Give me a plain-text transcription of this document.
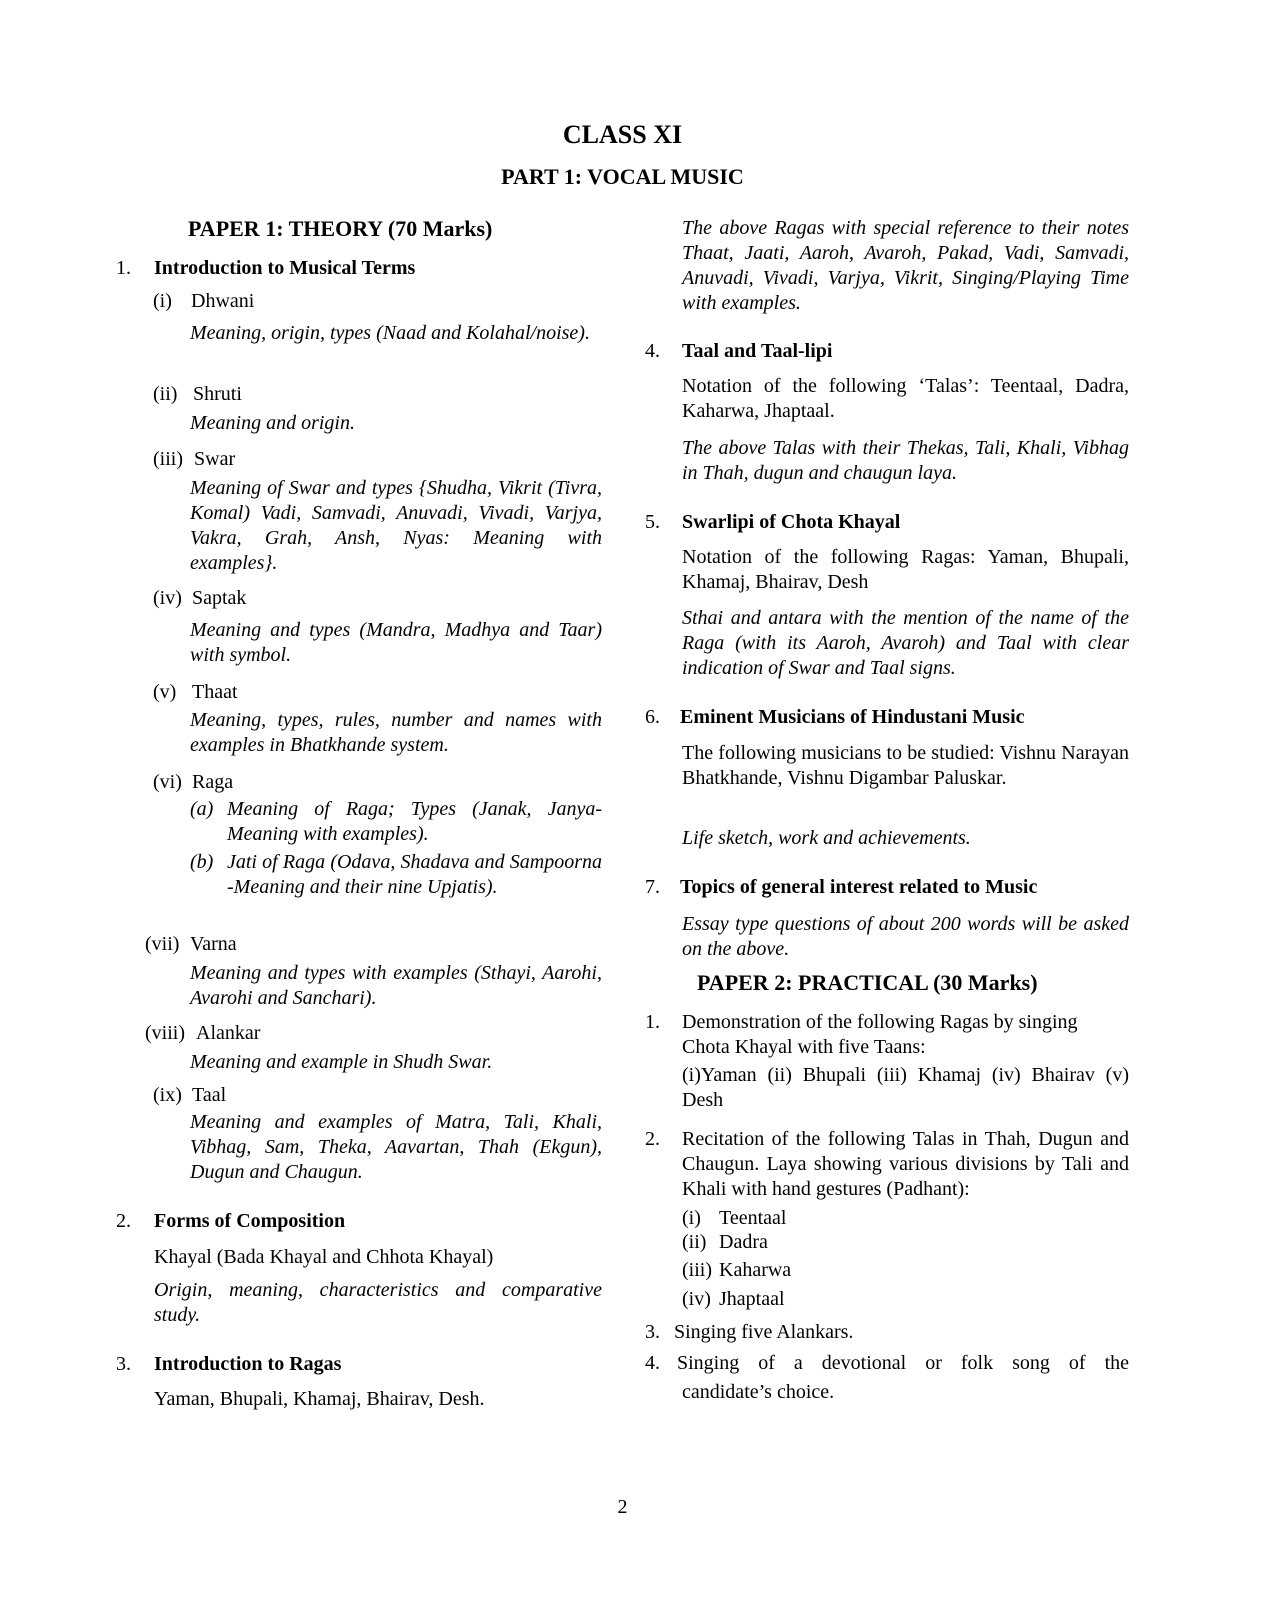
CLASS XI
PART 1: VOCAL MUSIC
PAPER 1: THEORY (70 Marks)
1. Introduction to Musical Terms
(i) Dhwani
Meaning, origin, types (Naad and Kolahal/noise).
(ii) Shruti
Meaning and origin.
(iii) Swar
Meaning of Swar and types {Shudha, Vikrit (Tivra, Komal) Vadi, Samvadi, Anuvadi, Vivadi, Varjya, Vakra, Grah, Ansh, Nyas: Meaning with examples}.
(iv) Saptak
Meaning and types (Mandra, Madhya and Taar) with symbol.
(v) Thaat
Meaning, types, rules, number and names with examples in Bhatkhande system.
(vi) Raga
(a) Meaning of Raga; Types (Janak, Janya- Meaning with examples).
(b) Jati of Raga (Odava, Shadava and Sampoorna -Meaning and their nine Upjatis).
(vii) Varna
Meaning and types with examples (Sthayi, Aarohi, Avarohi and Sanchari).
(viii) Alankar
Meaning and example in Shudh Swar.
(ix) Taal
Meaning and examples of Matra, Tali, Khali, Vibhag, Sam, Theka, Aavartan, Thah (Ekgun), Dugun and Chaugun.
2. Forms of Composition
Khayal (Bada Khayal and Chhota Khayal)
Origin, meaning, characteristics and comparative study.
3. Introduction to Ragas
Yaman, Bhupali, Khamaj, Bhairav, Desh.
The above Ragas with special reference to their notes Thaat, Jaati, Aaroh, Avaroh, Pakad, Vadi, Samvadi, Anuvadi, Vivadi, Varjya, Vikrit, Singing/Playing Time with examples.
4. Taal and Taal-lipi
Notation of the following ‘Talas’: Teentaal, Dadra, Kaharwa, Jhaptaal.
The above Talas with their Thekas, Tali, Khali, Vibhag in Thah, dugun and chaugun laya.
5. Swarlipi of Chota Khayal
Notation of the following Ragas: Yaman, Bhupali, Khamaj, Bhairav, Desh
Sthai and antara with the mention of the name of the Raga (with its Aaroh, Avaroh) and Taal with clear indication of Swar and Taal signs.
6. Eminent Musicians of Hindustani Music
The following musicians to be studied: Vishnu Narayan Bhatkhande, Vishnu Digambar Paluskar.
Life sketch, work and achievements.
7. Topics of general interest related to Music
Essay type questions of about 200 words will be asked on the above.
PAPER 2: PRACTICAL (30 Marks)
1. Demonstration of the following Ragas by singing Chota Khayal with five Taans:
(i)Yaman (ii) Bhupali (iii) Khamaj (iv) Bhairav (v) Desh
2. Recitation of the following Talas in Thah, Dugun and Chaugun. Laya showing various divisions by Tali and Khali with hand gestures (Padhant):
(i) Teentaal
(ii) Dadra
(iii) Kaharwa
(iv) Jhaptaal
3. Singing five Alankars.
4. Singing of a devotional or folk song of the
candidate’s choice.
2
